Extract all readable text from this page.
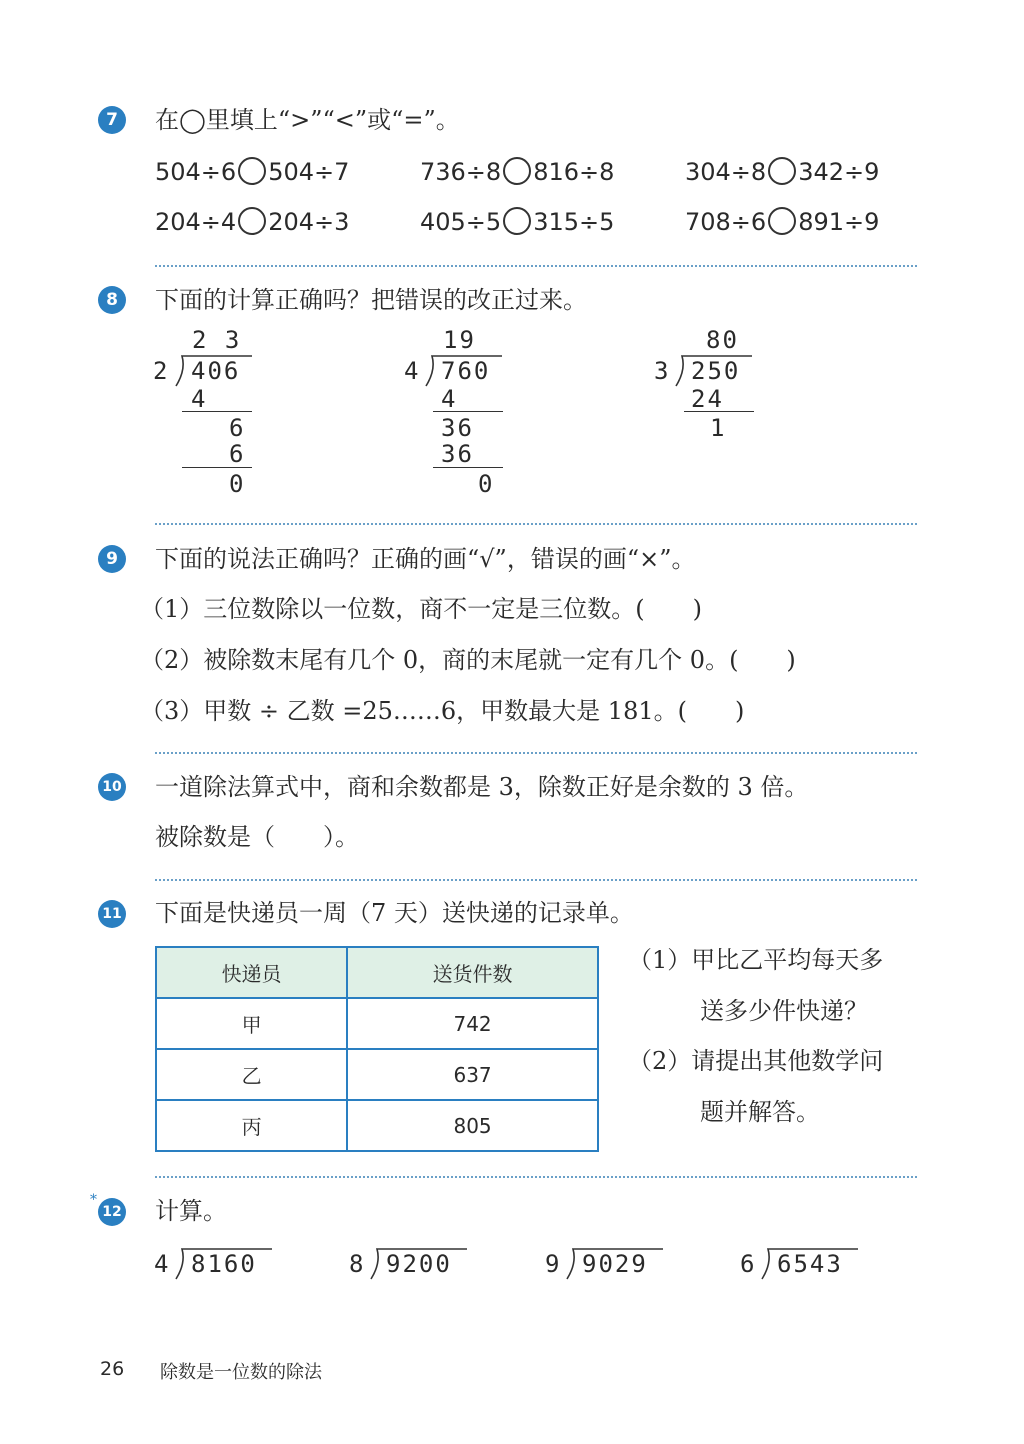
7	在◯里填上“>”“<”或“=”。
504÷6 504÷7	736÷8 816÷8	304÷8 342÷9
204÷4 204÷3	405÷5 315÷5	708÷6 891÷9
8	下面的计算正确吗？把错误的改正过来。
2 3
2 406
4
6
6
0
19
4 760
4
36
36
0
80
3 250
24
1
9	下面的说法正确吗？正确的画“√”，错误的画“×”。
（1）三位数除以一位数，商不一定是三位数。(　　)
（2）被除数末尾有几个 0，商的末尾就一定有几个 0。(　　)
（3）甲数 ÷ 乙数 =25……6，甲数最大是 181。(　　)
10 一道除法算式中，商和余数都是 3，除数正好是余数的 3 倍。
被除数是（　　）。
11 下面是快递员一周（7 天）送快递的记录单。
快递员	送货件数
甲	742
乙	637
丙	805
（1）甲比乙平均每天多
送多少件快递？
（2）请提出其他数学问
题并解答。
*
12 计算。
4 8160	8 9200	9 9029	6 6543
26 除数是一位数的除法
